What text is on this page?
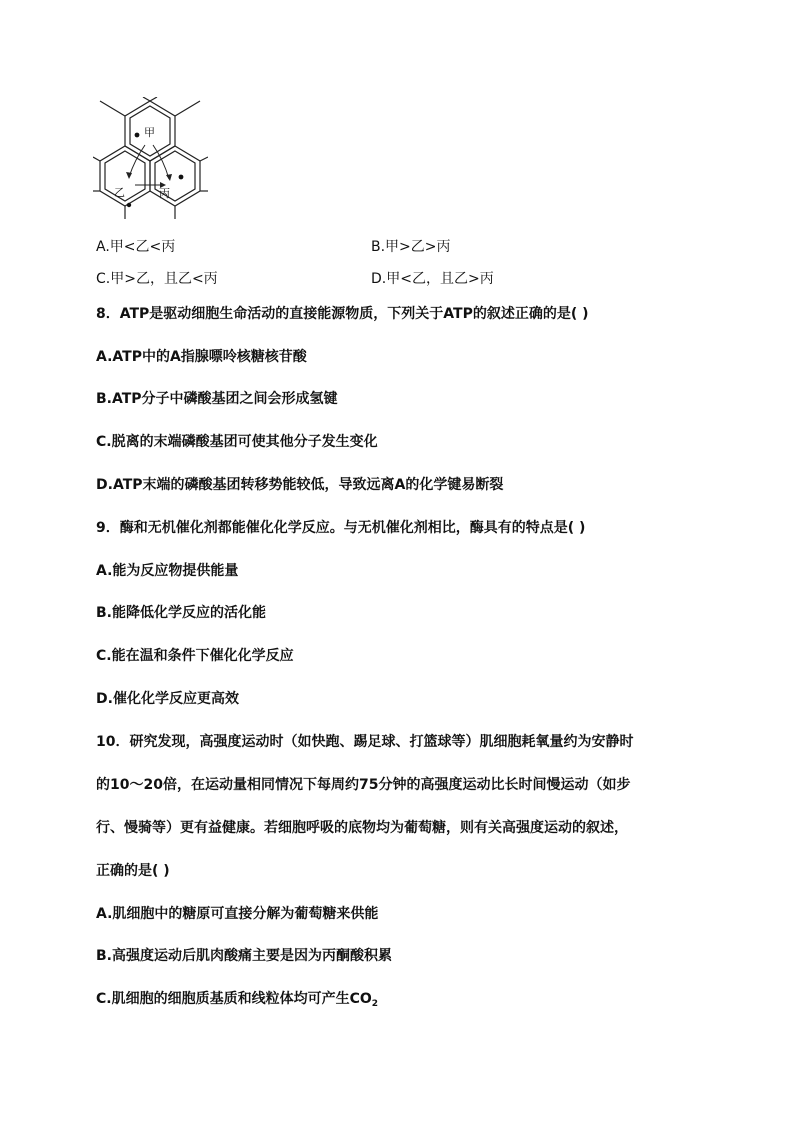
甲
乙	丙
A.甲<乙<丙	B.甲>乙>丙
C.甲>乙，且乙<丙	D.甲<乙，且乙>丙
8．ATP是驱动细胞生命活动的直接能源物质，下列关于ATP的叙述正确的是( )
A.ATP中的A指腺嘌呤核糖核苷酸
B.ATP分子中磷酸基团之间会形成氢键
C.脱离的末端磷酸基团可使其他分子发生变化
D.ATP末端的磷酸基团转移势能较低，导致远离A的化学键易断裂
9．酶和无机催化剂都能催化化学反应。与无机催化剂相比，酶具有的特点是( )
A.能为反应物提供能量
B.能降低化学反应的活化能
C.能在温和条件下催化化学反应
D.催化化学反应更高效
10．研究发现，高强度运动时（如快跑、踢足球、打篮球等）肌细胞耗氧量约为安静时
的10～20倍，在运动量相同情况下每周约75分钟的高强度运动比长时间慢运动（如步
行、慢骑等）更有益健康。若细胞呼吸的底物均为葡萄糖，则有关高强度运动的叙述，
正确的是( )
A.肌细胞中的糖原可直接分解为葡萄糖来供能
B.高强度运动后肌肉酸痛主要是因为丙酮酸积累
C.肌细胞的细胞质基质和线粒体均可产生$CO_2$
